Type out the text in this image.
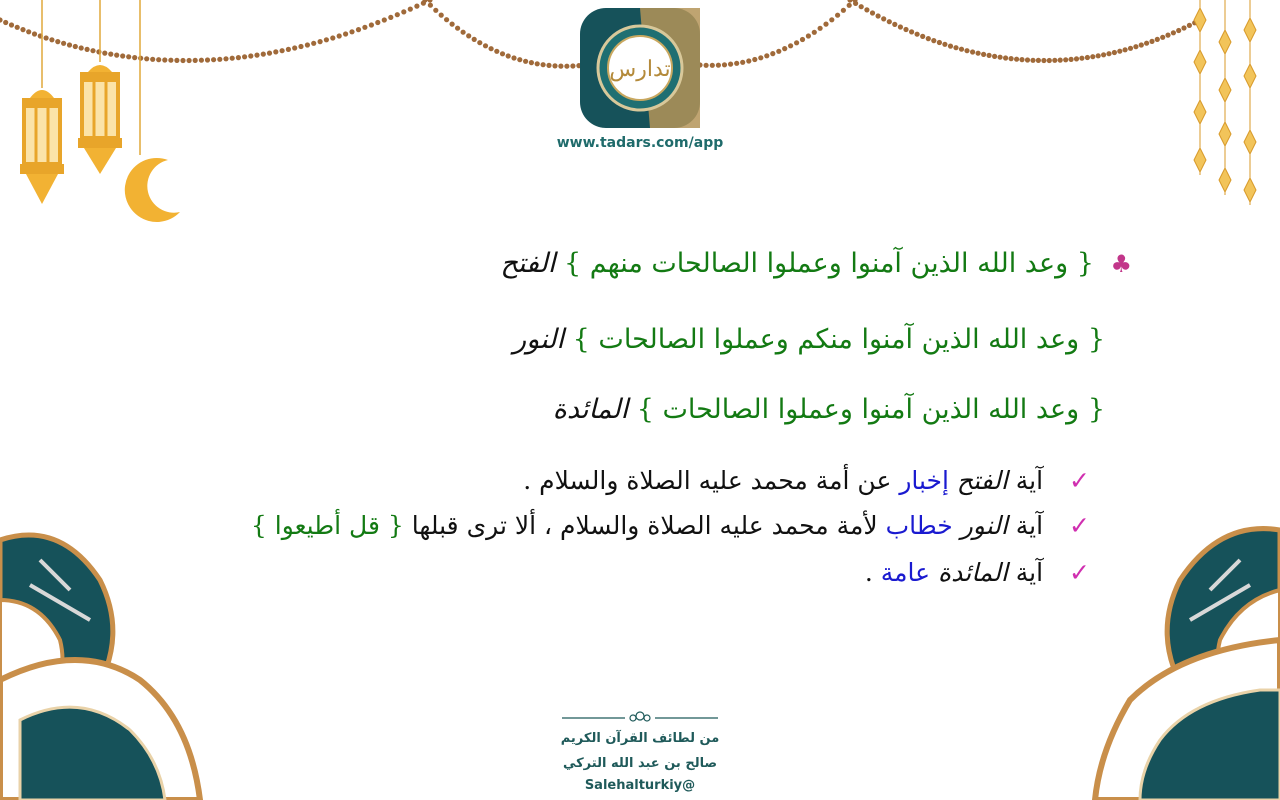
تدارس
www.tadars.com/app
♣ { وعد الله الذين آمنوا وعملوا الصالحات منهم } الفتح
{ وعد الله الذين آمنوا منكم وعملوا الصالحات } النور
{ وعد الله الذين آمنوا وعملوا الصالحات } المائدة
✓ آية الفتح إخبار عن أمة محمد عليه الصلاة والسلام .
✓ آية النور خطاب لأمة محمد عليه الصلاة والسلام ، ألا ترى قبلها { قل أطيعوا }
✓ آية المائدة عامة .
من لطائف القرآن الكريم
صالح بن عبد الله التركي
@Salehalturkiy
